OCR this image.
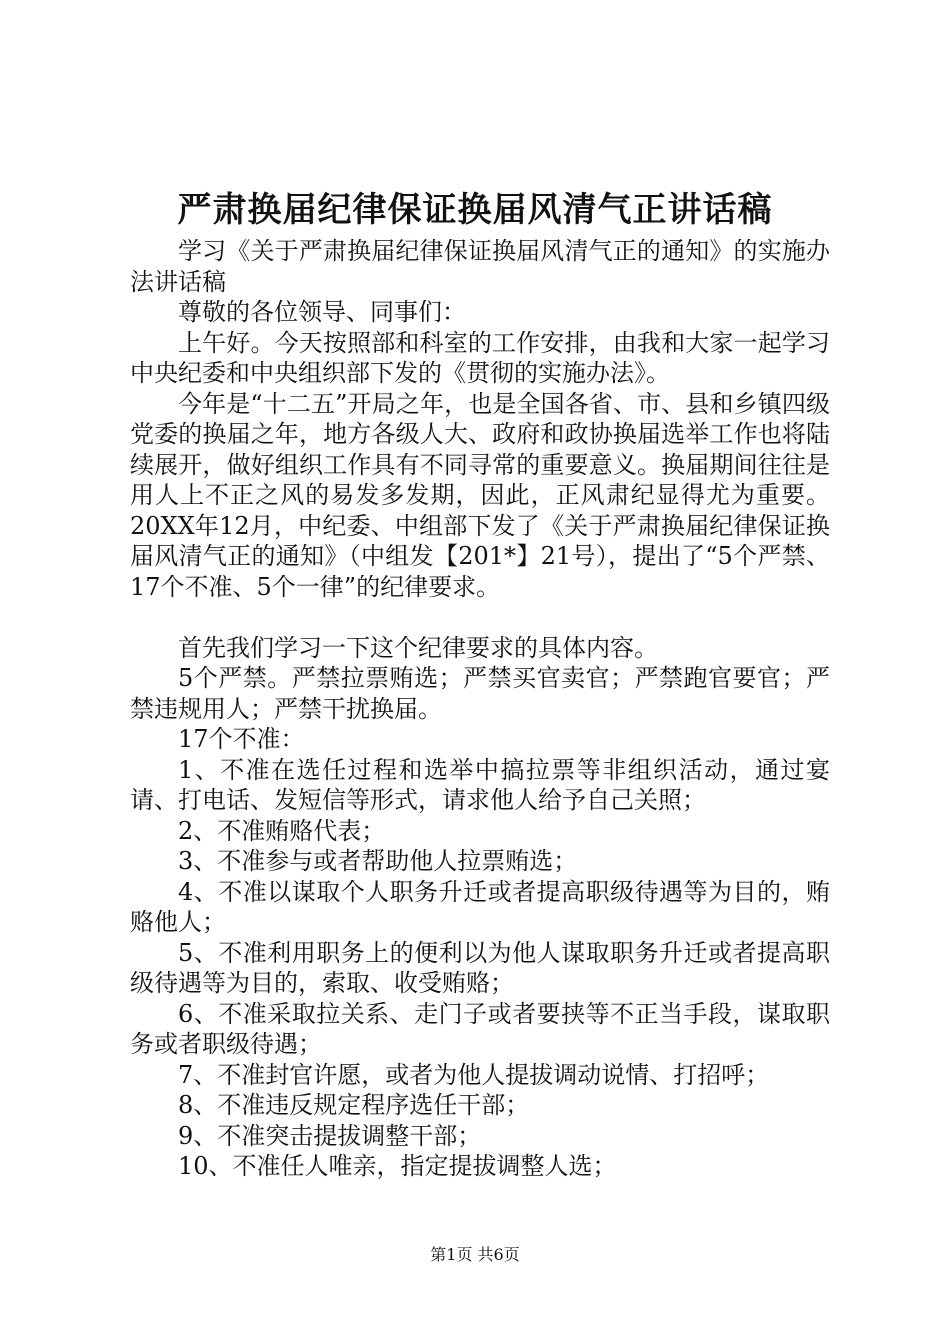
严肃换届纪律保证换届风清气正讲话稿

学习《关于严肃换届纪律保证换届风清气正的通知》的实施办法讲话稿

尊敬的各位领导、同事们：

上午好。今天按照部和科室的工作安排，由我和大家一起学习中央纪委和中央组织部下发的《贯彻的实施办法》。

今年是“十二五”开局之年，也是全国各省、市、县和乡镇四级党委的换届之年，地方各级人大、政府和政协换届选举工作也将陆续展开，做好组织工作具有不同寻常的重要意义。换届期间往往是用人上不正之风的易发多发期，因此，正风肃纪显得尤为重要。20XX年12月，中纪委、中组部下发了《关于严肃换届纪律保证换届风清气正的通知》（中组发【201*】21号），提出了“5个严禁、17个不准、5个一律”的纪律要求。

首先我们学习一下这个纪律要求的具体内容。

5个严禁。严禁拉票贿选；严禁买官卖官；严禁跑官要官；严禁违规用人；严禁干扰换届。

17个不准：

1、不准在选任过程和选举中搞拉票等非组织活动，通过宴请、打电话、发短信等形式，请求他人给予自己关照；

2、不准贿赂代表；

3、不准参与或者帮助他人拉票贿选；

4、不准以谋取个人职务升迁或者提高职级待遇等为目的，贿赂他人；

5、不准利用职务上的便利以为他人谋取职务升迁或者提高职级待遇等为目的，索取、收受贿赂；

6、不准采取拉关系、走门子或者要挟等不正当手段，谋取职务或者职级待遇；

7、不准封官许愿，或者为他人提拔调动说情、打招呼；

8、不准违反规定程序选任干部；

9、不准突击提拔调整干部；

10、不准任人唯亲，指定提拔调整人选；

第1页 共6页
